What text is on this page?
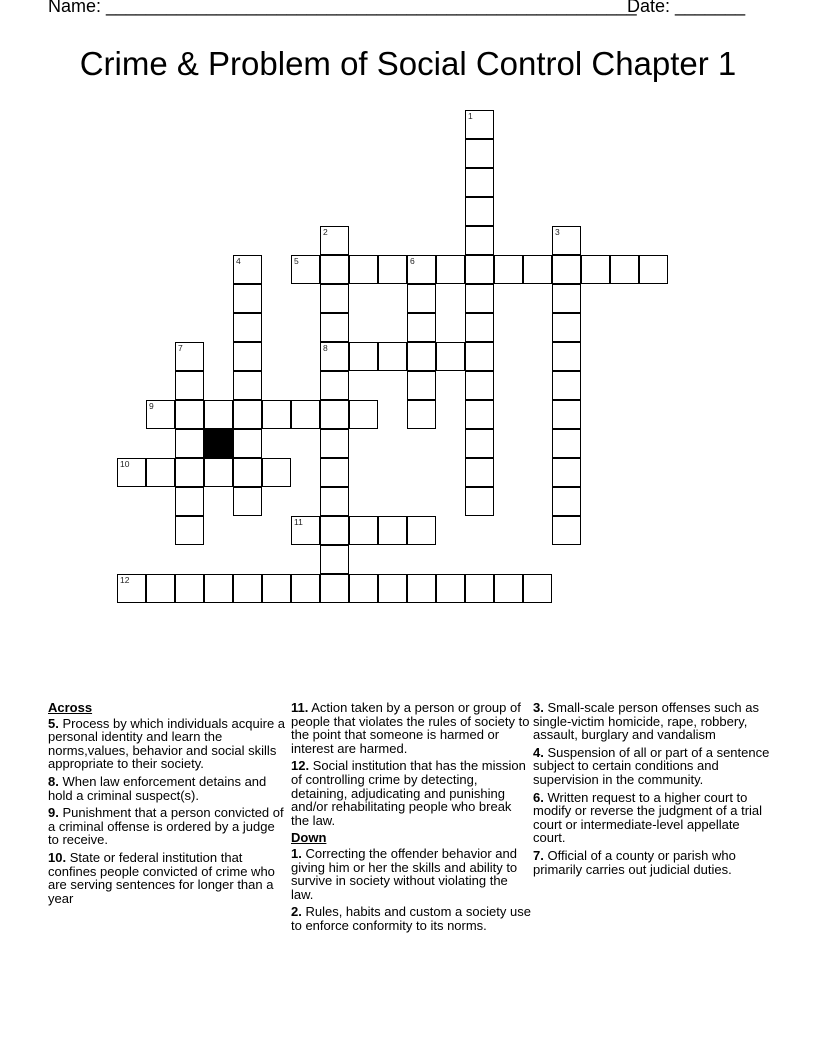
Name: _____________________________________________________
Date: _______
Crime & Problem of Social Control Chapter 1
1
2
8
3
4	5	6
7
9
10
11
12
Across
5. Process by which individuals acquire a personal identity and learn the norms,values, behavior and social skills appropriate to their society.
8. When law enforcement detains and hold a criminal suspect(s).
9. Punishment that a person convicted of a criminal offense is ordered by a judge to receive.
10. State or federal institution that confines people convicted of crime who are serving sentences for longer than a year
11. Action taken by a person or group of people that violates the rules of society to the point that someone is harmed or interest are harmed.
12. Social institution that has the mission of controlling crime by detecting, detaining, adjudicating and punishing and/or rehabilitating people who break the law.
Down
1. Correcting the offender behavior and giving him or her the skills and ability to survive in society without violating the law.
2. Rules, habits and custom a society use to enforce conformity to its norms.
3. Small-scale person offenses such as single-victim homicide, rape, robbery, assault, burglary and vandalism
4. Suspension of all or part of a sentence subject to certain conditions and supervision in the community.
6. Written request to a higher court to modify or reverse the judgment of a trial court or intermediate-level appellate court.
7. Official of a county or parish who primarily carries out judicial duties.
